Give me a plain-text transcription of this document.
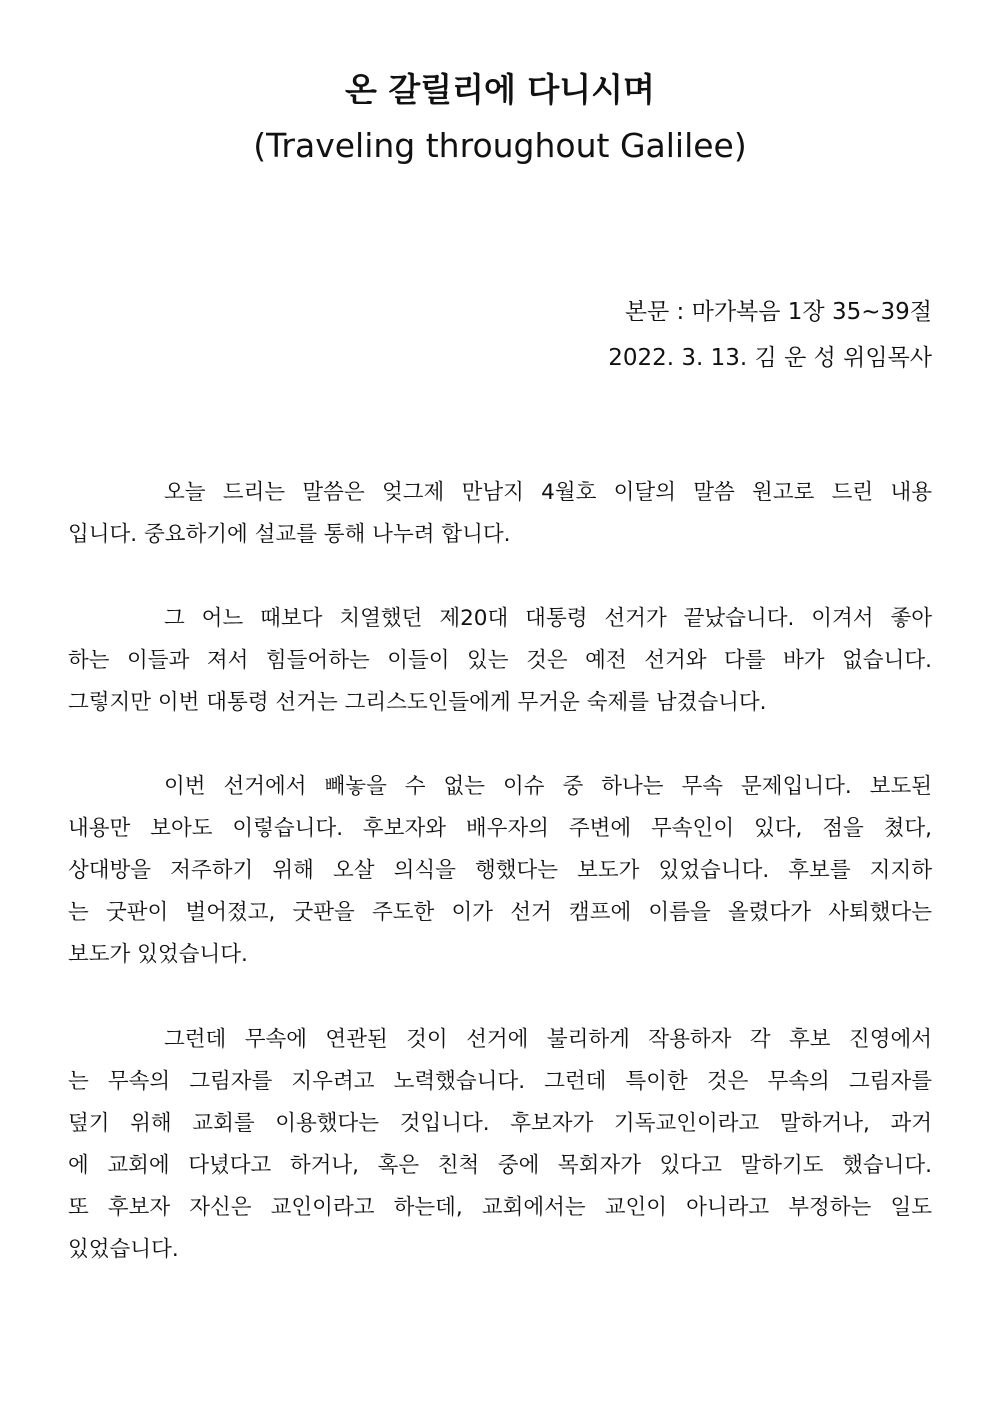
온 갈릴리에 다니시며
(Traveling throughout Galilee)

본문 : 마가복음 1장 35~39절

2022. 3. 13. 김 운 성 위임목사

오늘 드리는 말씀은 엊그제 만남지 4월호 이달의 말씀 원고로 드린 내용
입니다. 중요하기에 설교를 통해 나누려 합니다.
그 어느 때보다 치열했던 제20대 대통령 선거가 끝났습니다. 이겨서 좋아
하는 이들과 져서 힘들어하는 이들이 있는 것은 예전 선거와 다를 바가 없습니다.
그렇지만 이번 대통령 선거는 그리스도인들에게 무거운 숙제를 남겼습니다.
이번 선거에서 빼놓을 수 없는 이슈 중 하나는 무속 문제입니다. 보도된
내용만 보아도 이렇습니다. 후보자와 배우자의 주변에 무속인이 있다, 점을 쳤다,
상대방을 저주하기 위해 오살 의식을 행했다는 보도가 있었습니다. 후보를 지지하
는 굿판이 벌어졌고, 굿판을 주도한 이가 선거 캠프에 이름을 올렸다가 사퇴했다는
보도가 있었습니다.
그런데 무속에 연관된 것이 선거에 불리하게 작용하자 각 후보 진영에서
는 무속의 그림자를 지우려고 노력했습니다. 그런데 특이한 것은 무속의 그림자를
덮기 위해 교회를 이용했다는 것입니다. 후보자가 기독교인이라고 말하거나, 과거
에 교회에 다녔다고 하거나, 혹은 친척 중에 목회자가 있다고 말하기도 했습니다.
또 후보자 자신은 교인이라고 하는데, 교회에서는 교인이 아니라고 부정하는 일도
있었습니다.
